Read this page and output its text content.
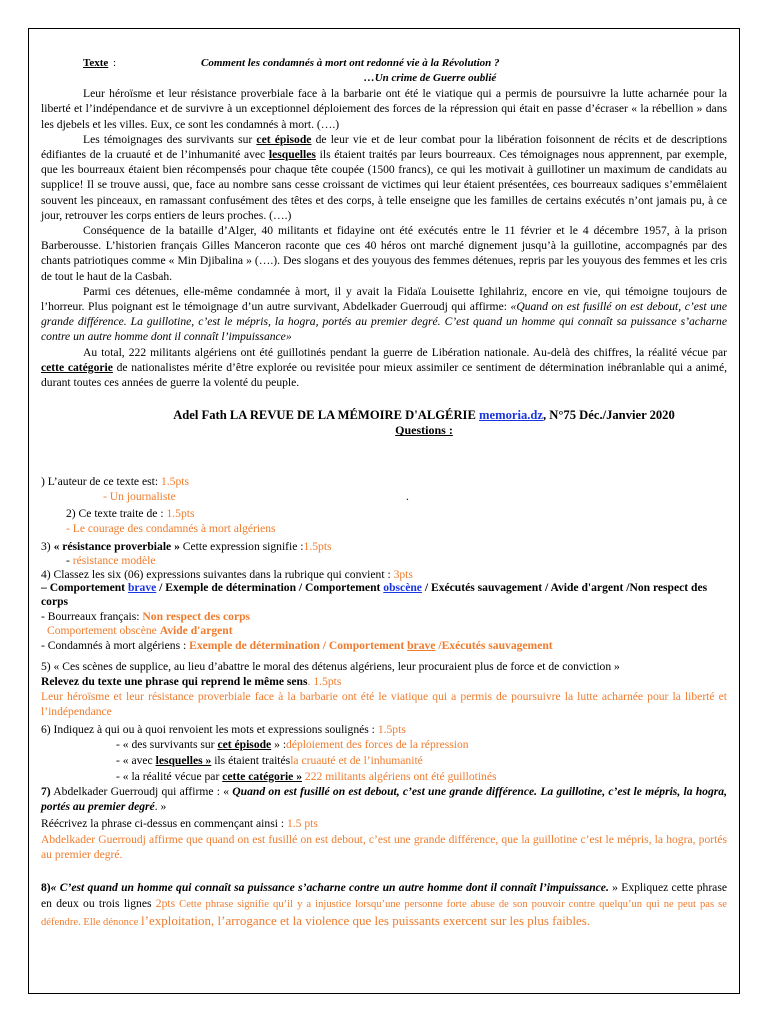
Texte :	Comment les condamnés à mort ont redonné vie à la Révolution ?
…Un crime de Guerre oublié

Leur héroïsme et leur résistance proverbiale face à la barbarie ont été le viatique qui a permis de poursuivre la lutte acharnée pour la liberté et l’indépendance et de survivre à un exceptionnel déploiement des forces de la répression qui était en passe d’écraser « la rébellion » dans les djebels et les villes. Eux, ce sont les condamnés à mort. (….)

Les témoignages des survivants sur cet épisode de leur vie et de leur combat pour la libération foisonnent de récits et de descriptions édifiantes de la cruauté et de l’inhumanité avec lesquelles ils étaient traités par leurs bourreaux. Ces témoignages nous apprennent, par exemple, que les bourreaux étaient bien récompensés pour chaque tête coupée (1500 francs), ce qui les motivait à guillotiner un maximum de candidats au supplice! Il se trouve aussi, que, face au nombre sans cesse croissant de victimes qui leur étaient présentées, ces bourreaux sadiques s’emmêlaient souvent les pinceaux, en ramassant confusément des têtes et des corps, à telle enseigne que les familles de certains exécutés n’ont jamais pu, à ce jour, retrouver les corps entiers de leurs proches. (….)

Conséquence de la bataille d’Alger, 40 militants et fidayine ont été exécutés entre le 11 février et le 4 décembre 1957, à la prison Barberousse. L’historien français Gilles Manceron raconte que ces 40 héros ont marché dignement jusqu’à la guillotine, accompagnés par des chants patriotiques comme « Min Djibalina » (….). Des slogans et des youyous des femmes détenues, repris par les youyous des femmes et les cris de tout le haut de la Casbah.

Parmi ces détenues, elle-même condamnée à mort, il y avait la Fidaïa Louisette Ighilahriz, encore en vie, qui témoigne toujours de l’horreur. Plus poignant est le témoignage d’un autre survivant, Abdelkader Guerroudj qui affirme: «Quand on est fusillé on est debout, c’est une grande différence. La guillotine, c’est le mépris, la hogra, portés au premier degré. C’est quand un homme qui connaît sa puissance s’acharne contre un autre homme dont il connaît l’impuissance»

Au total, 222 militants algériens ont été guillotinés pendant la guerre de Libération nationale. Au-delà des chiffres, la réalité vécue par cette catégorie de nationalistes mérite d’être explorée ou revisitée pour mieux assimiler ce sentiment de détermination inébranlable qui a animé, durant toutes ces années de guerre la volenté du peuple.

Adel Fath LA REVUE DE LA MÉMOIRE D'ALGÉRIE memoria.dz, N°75 Déc./Janvier 2020
Questions :
) L’auteur de ce texte est: 1.5pts
- Un journaliste	.
2) Ce texte traite de : 1.5pts
- Le courage des condamnés à mort algériens
3) « résistance proverbiale » Cette expression signifie :1.5pts
- résistance modèle
4) Classez les six (06) expressions suivantes dans la rubrique qui convient : 3pts
– Comportement brave / Exemple de détermination / Comportement obscène / Exécutés sauvagement / Avide d'argent /Non respect des corps
- Bourreaux français: Non respect des corps
Comportement obscène Avide d'argent
- Condamnés à mort algériens : Exemple de détermination / Comportement brave /Exécutés sauvagement
5) « Ces scènes de supplice, au lieu d’abattre le moral des détenus algériens, leur procuraient plus de force et de conviction »
Relevez du texte une phrase qui reprend le même sens. 1.5pts
Leur héroïsme et leur résistance proverbiale face à la barbarie ont été le viatique qui a permis de poursuivre la lutte acharnée pour la liberté et l’indépendance
6) Indiquez à qui ou à quoi renvoient les mots et expressions soulignés : 1.5pts
- « des survivants sur cet épisode » :déploiement des forces de la répression
- « avec lesquelles » ils étaient traitésla cruauté et de l’inhumanité
- « la réalité vécue par cette catégorie » 222 militants algériens ont été guillotinés
7) Abdelkader Guerroudj qui affirme : « Quand on est fusillé on est debout, c’est une grande différence. La guillotine, c’est le mépris, la hogra, portés au premier degré. »
Réécrivez la phrase ci-dessus en commençant ainsi : 1.5 pts
Abdelkader Guerroudj affirme que quand on est fusillé on est debout, c’est une grande différence, que la guillotine c’est le mépris, la hogra, portés au premier degré.
8)« C’est quand un homme qui connaît sa puissance s’acharne contre un autre homme dont il connaît l’impuissance. » Expliquez cette phrase en deux ou trois lignes 2pts Cette phrase signifie qu’il y a injustice lorsqu’une personne forte abuse de son pouvoir contre quelqu’un qui ne peut pas se défendre. Elle dénonce l’exploitation, l’arrogance et la violence que les puissants exercent sur les plus faibles.
